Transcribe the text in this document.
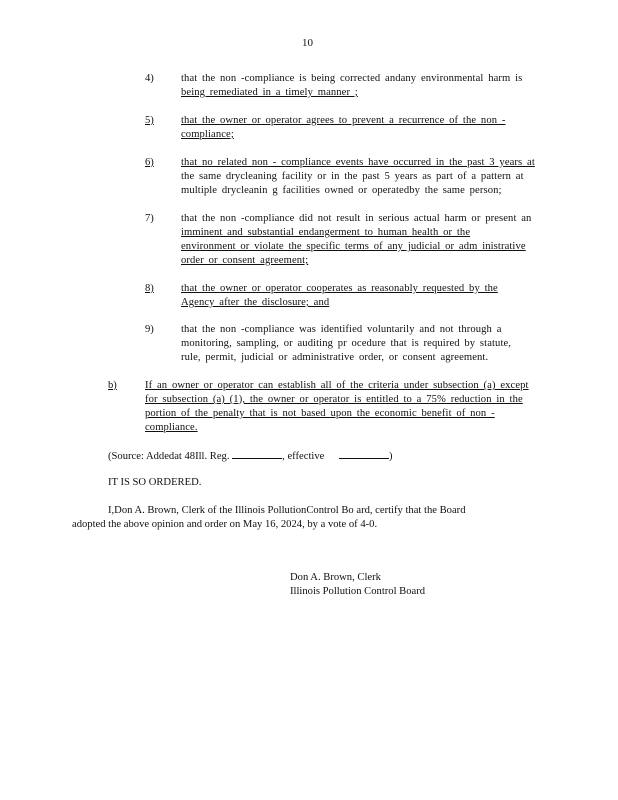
10
4)	that the non -compliance is being corrected andany environmental harm is
being remediated in a timely manner ;
5)	that the owner or operator agrees to prevent a recurrence of the non -
compliance;
6)	that no related non - compliance events have occurred in the past 3 years at
the same drycleaning facility or in the past 5 years as part of a pattern at
multiple drycleanin g facilities owned or operatedby the same person;
7)	that the non -compliance did not result in serious actual harm or present an
imminent and substantial endangerment to human health or the
environment or violate the specific terms of any judicial or adm inistrative
order or consent agreement;
8)	that the owner or operator cooperates as reasonably requested by the
Agency after the disclosure; and
9)	that the non -compliance was identified voluntarily and not through a
monitoring, sampling, or auditing pr ocedure that is required by statute,
rule, permit, judicial or administrative order, or consent agreement.
b)	If an owner or operator can establish all of the criteria under subsection (a) except
for subsection (a) (1), the owner or operator is entitled to a 75% reduction in the
portion of the penalty that is not based upon the economic benefit of non -
compliance.
(Source: Addedat 48Ill. Reg.	, effective	)
IT IS SO ORDERED.
I,Don A. Brown, Clerk of the Illinois PollutionControl Bo ard, certify that the Board
adopted the above opinion and order on May 16, 2024, by a vote of 4-0.
Don A. Brown, Clerk
Illinois Pollution Control Board
